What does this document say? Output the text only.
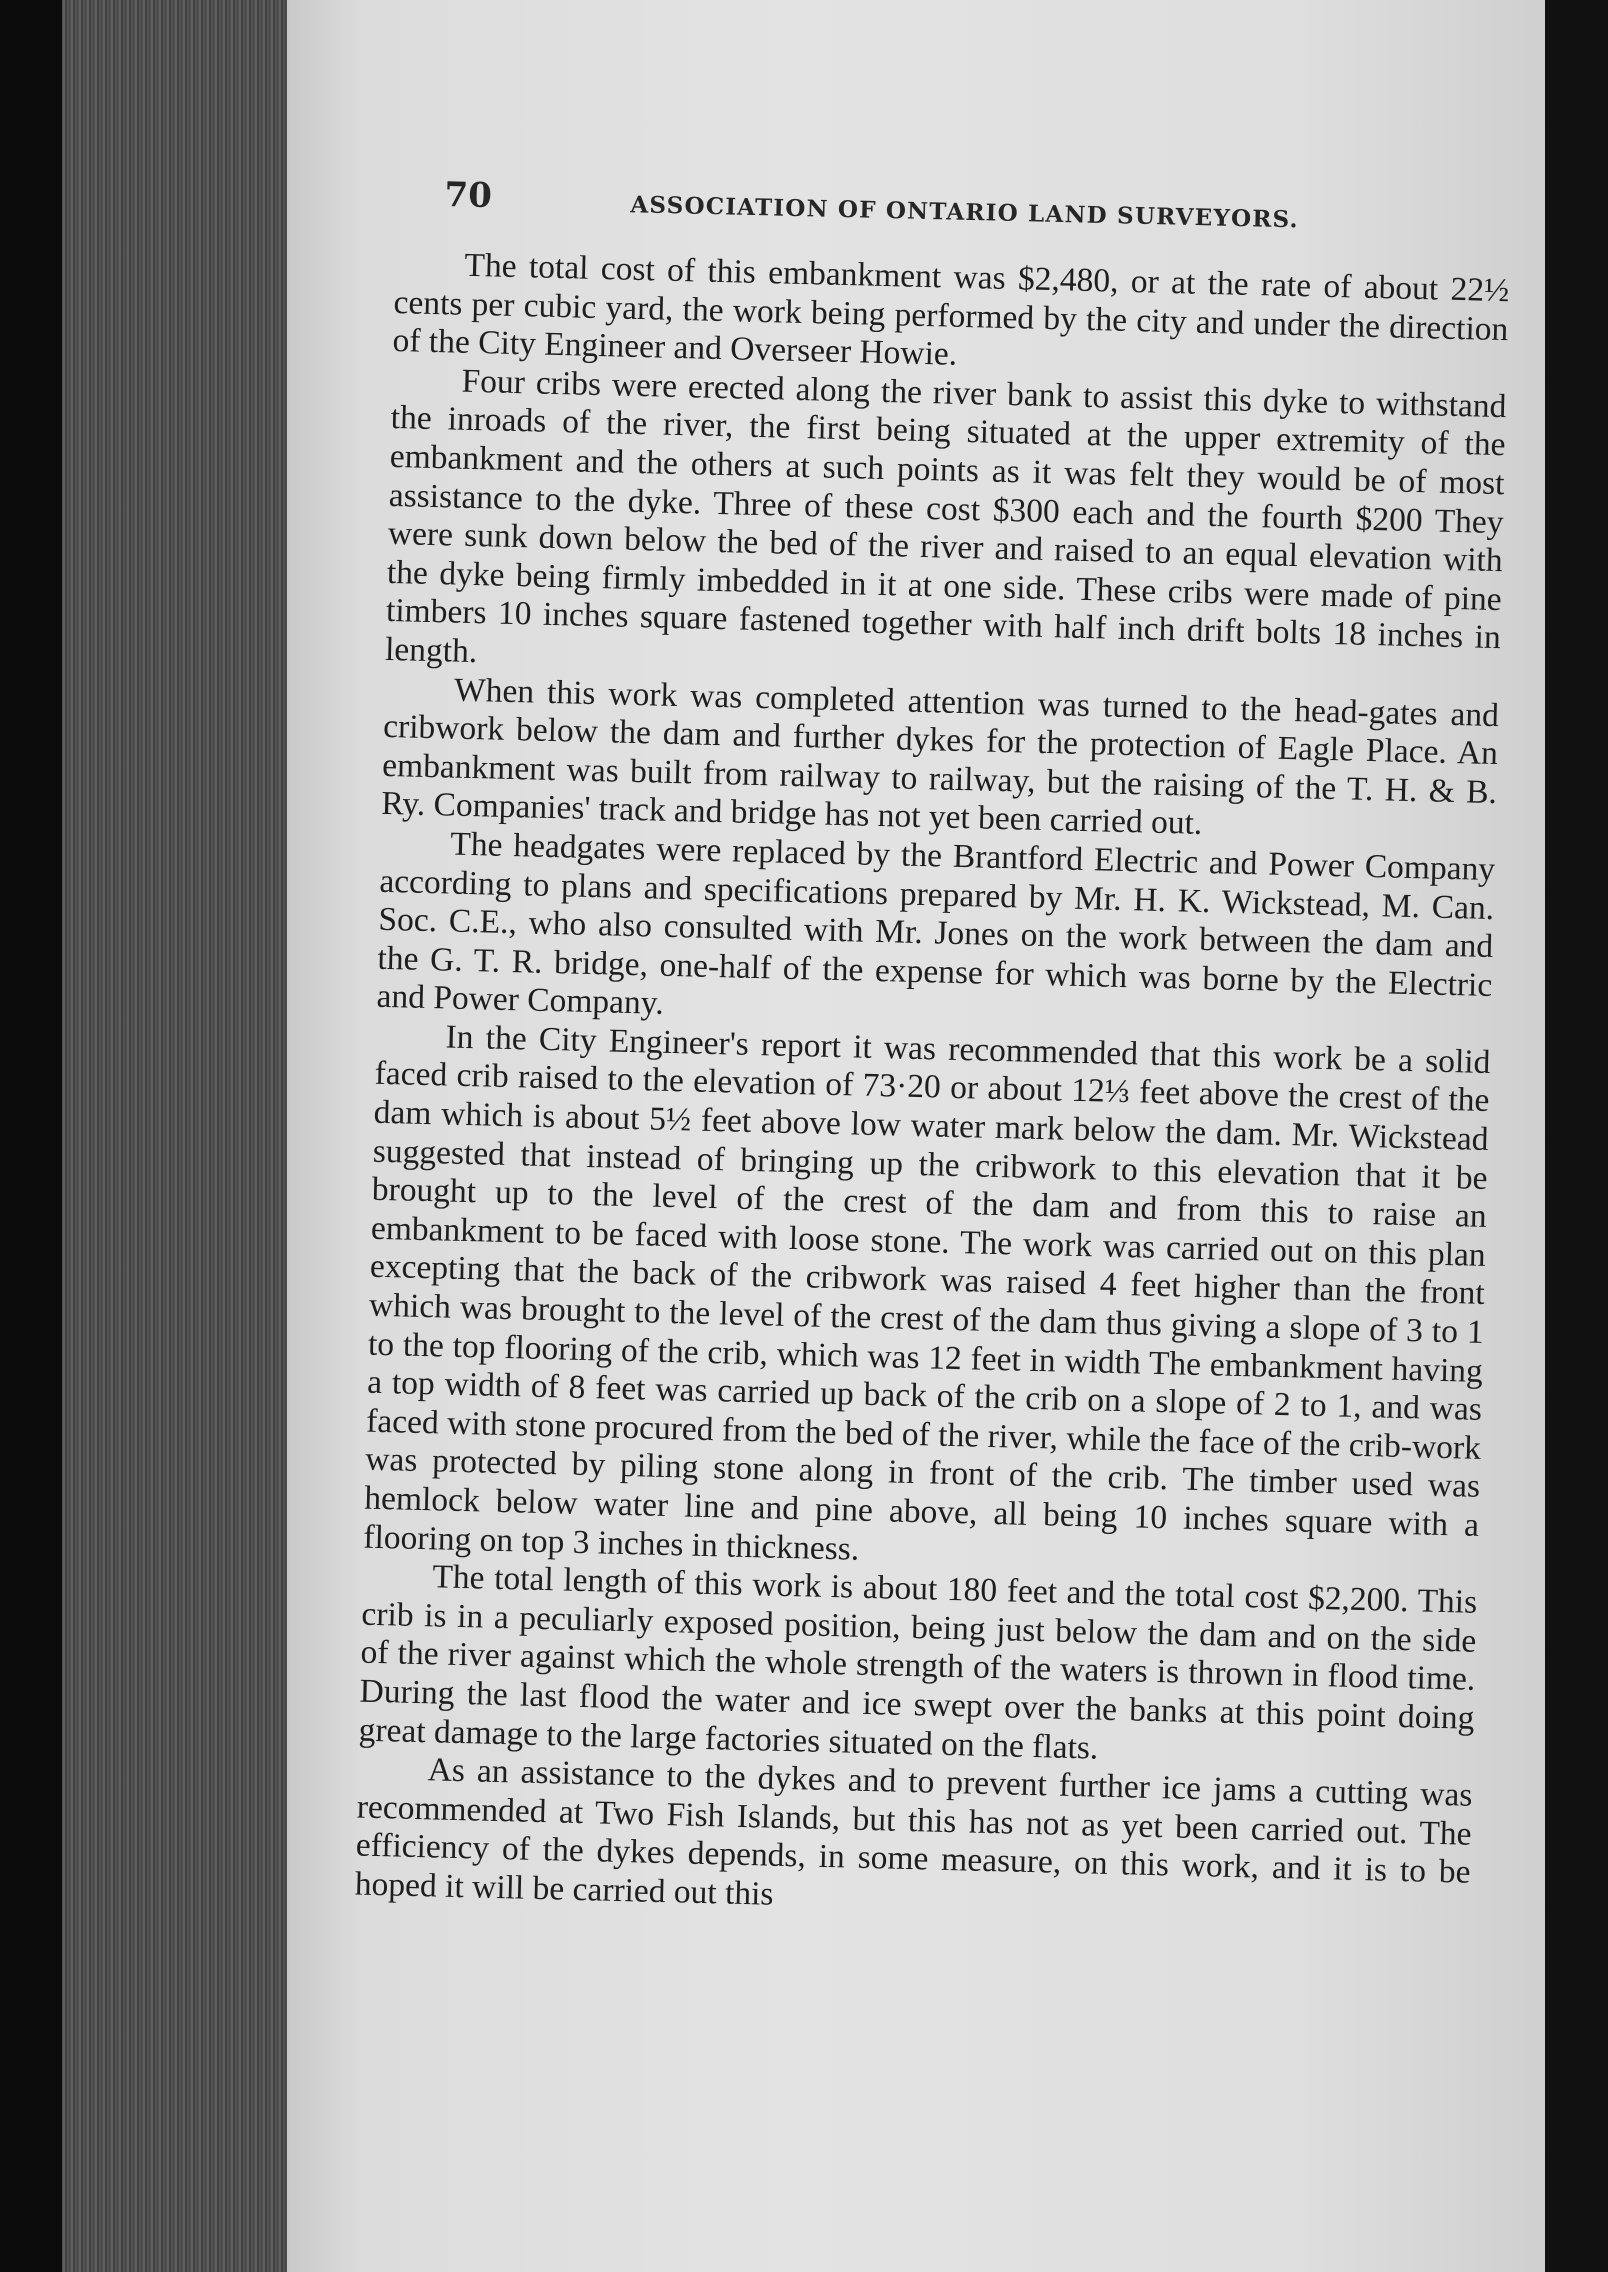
70	ASSOCIATION OF ONTARIO LAND SURVEYORS.

The total cost of this embankment was $2,480, or at the rate of about 22½ cents per cubic yard, the work being performed by the city and under the direction of the City Engineer and Overseer Howie.

Four cribs were erected along the river bank to assist this dyke to withstand the inroads of the river, the first being situated at the upper extremity of the embankment and the others at such points as it was felt they would be of most assistance to the dyke. Three of these cost $300 each and the fourth $200 They were sunk down below the bed of the river and raised to an equal elevation with the dyke being firmly imbedded in it at one side. These cribs were made of pine timbers 10 inches square fastened together with half inch drift bolts 18 inches in length.

When this work was completed attention was turned to the head-gates and cribwork below the dam and further dykes for the protection of Eagle Place. An embankment was built from railway to railway, but the raising of the T. H. & B. Ry. Companies' track and bridge has not yet been carried out.

The headgates were replaced by the Brantford Electric and Power Company according to plans and specifications prepared by Mr. H. K. Wickstead, M. Can. Soc. C.E., who also consulted with Mr. Jones on the work between the dam and the G. T. R. bridge, one-half of the expense for which was borne by the Electric and Power Company.

In the City Engineer's report it was recommended that this work be a solid faced crib raised to the elevation of 73·20 or about 12⅓ feet above the crest of the dam which is about 5½ feet above low water mark below the dam. Mr. Wickstead suggested that instead of bringing up the cribwork to this elevation that it be brought up to the level of the crest of the dam and from this to raise an embankment to be faced with loose stone. The work was carried out on this plan excepting that the back of the cribwork was raised 4 feet higher than the front which was brought to the level of the crest of the dam thus giving a slope of 3 to 1 to the top flooring of the crib, which was 12 feet in width The embankment having a top width of 8 feet was carried up back of the crib on a slope of 2 to 1, and was faced with stone procured from the bed of the river, while the face of the crib-work was protected by piling stone along in front of the crib. The timber used was hemlock below water line and pine above, all being 10 inches square with a flooring on top 3 inches in thickness.

The total length of this work is about 180 feet and the total cost $2,200. This crib is in a peculiarly exposed position, being just below the dam and on the side of the river against which the whole strength of the waters is thrown in flood time. During the last flood the water and ice swept over the banks at this point doing great damage to the large factories situated on the flats.

As an assistance to the dykes and to prevent further ice jams a cutting was recommended at Two Fish Islands, but this has not as yet been carried out. The efficiency of the dykes depends, in some measure, on this work, and it is to be hoped it will be carried out this
